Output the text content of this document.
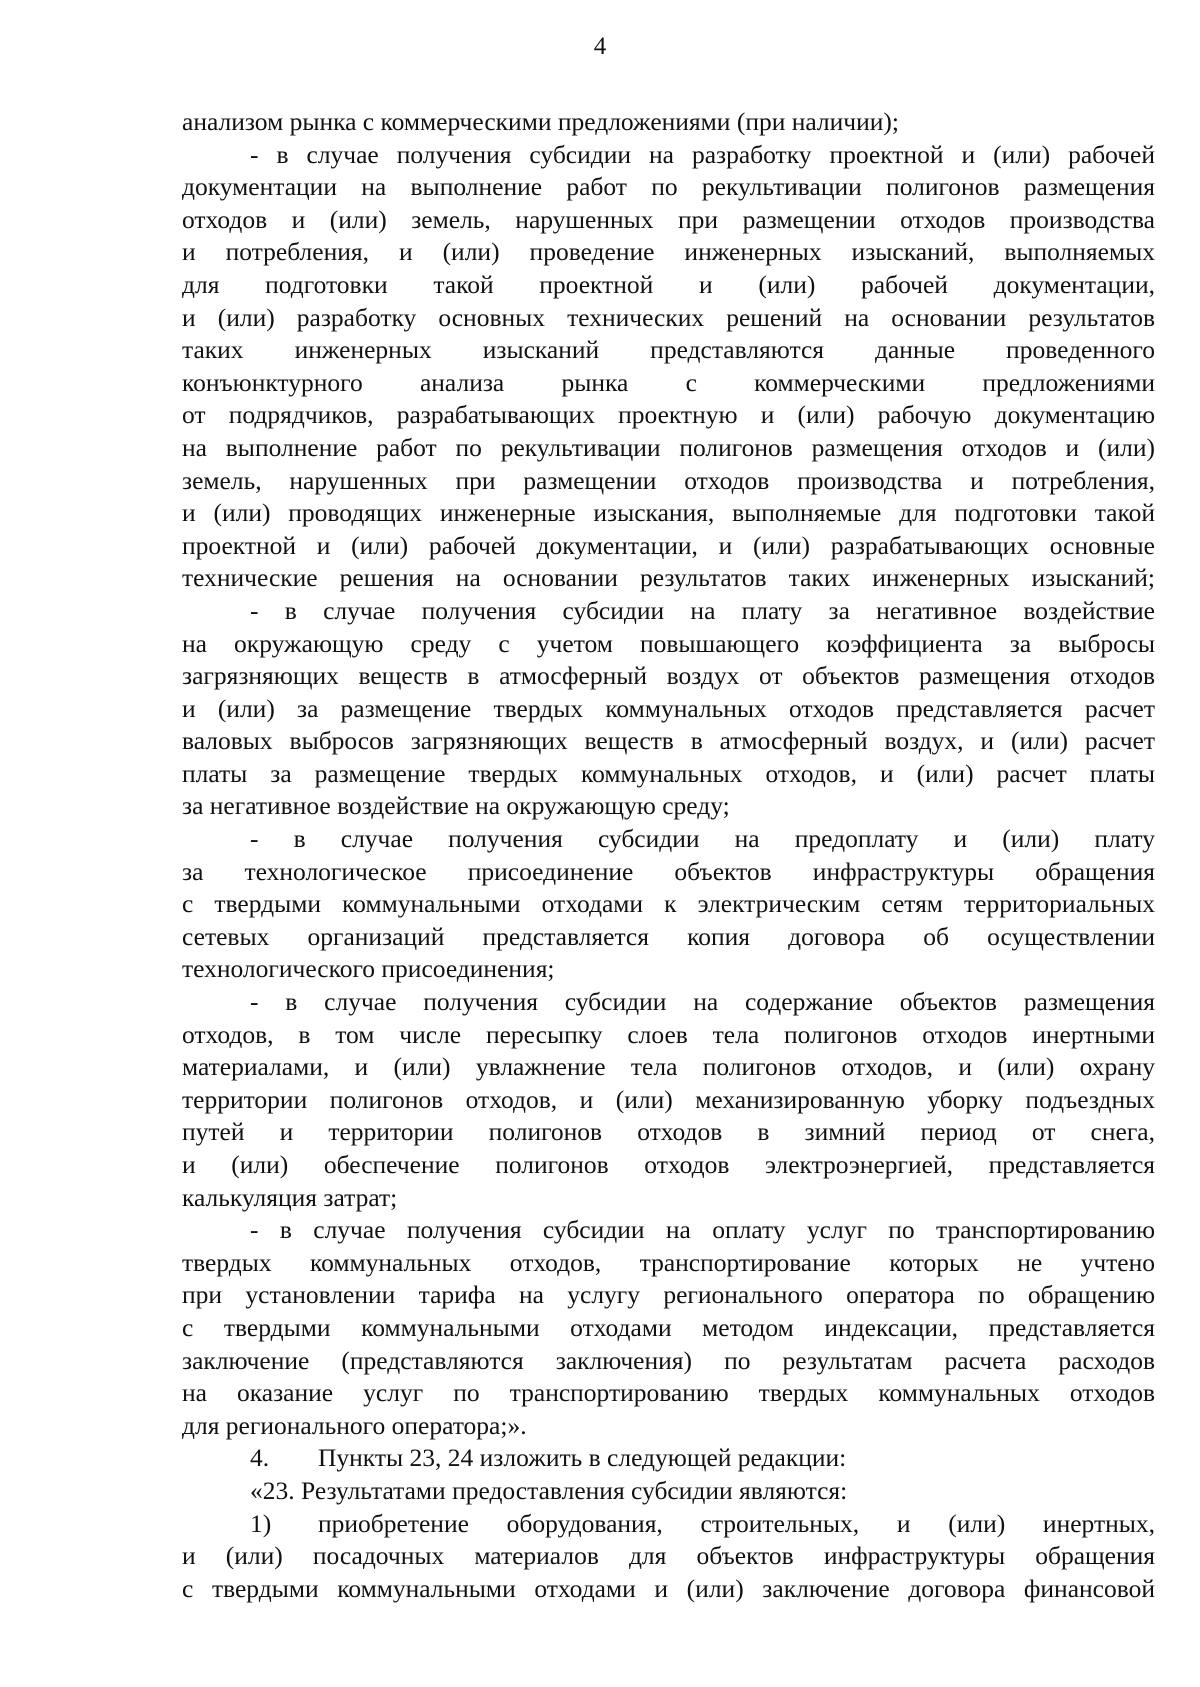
4
анализом рынка с коммерческими предложениями (при наличии);
- в случае получения субсидии на разработку проектной и (или) рабочей
документации на выполнение работ по рекультивации полигонов размещения
отходов и (или) земель, нарушенных при размещении отходов производства
и потребления, и (или) проведение инженерных изысканий, выполняемых
для подготовки такой проектной и (или) рабочей документации,
и (или) разработку основных технических решений на основании результатов
таких инженерных изысканий представляются данные проведенного
конъюнктурного анализа рынка с коммерческими предложениями
от подрядчиков, разрабатывающих проектную и (или) рабочую документацию
на выполнение работ по рекультивации полигонов размещения отходов и (или)
земель, нарушенных при размещении отходов производства и потребления,
и (или) проводящих инженерные изыскания, выполняемые для подготовки такой
проектной и (или) рабочей документации, и (или) разрабатывающих основные
технические решения на основании результатов таких инженерных изысканий;
- в случае получения субсидии на плату за негативное воздействие
на окружающую среду с учетом повышающего коэффициента за выбросы
загрязняющих веществ в атмосферный воздух от объектов размещения отходов
и (или) за размещение твердых коммунальных отходов представляется расчет
валовых выбросов загрязняющих веществ в атмосферный воздух, и (или) расчет
платы за размещение твердых коммунальных отходов, и (или) расчет платы
за негативное воздействие на окружающую среду;
- в случае получения субсидии на предоплату и (или) плату
за технологическое присоединение объектов инфраструктуры обращения
с твердыми коммунальными отходами к электрическим сетям территориальных
сетевых организаций представляется копия договора об осуществлении
технологического присоединения;
- в случае получения субсидии на содержание объектов размещения
отходов, в том числе пересыпку слоев тела полигонов отходов инертными
материалами, и (или) увлажнение тела полигонов отходов, и (или) охрану
территории полигонов отходов, и (или) механизированную уборку подъездных
путей и территории полигонов отходов в зимний период от снега,
и (или) обеспечение полигонов отходов электроэнергией, представляется
калькуляция затрат;
- в случае получения субсидии на оплату услуг по транспортированию
твердых коммунальных отходов, транспортирование которых не учтено
при установлении тарифа на услугу регионального оператора по обращению
с твердыми коммунальными отходами методом индексации, представляется
заключение (представляются заключения) по результатам расчета расходов
на оказание услуг по транспортированию твердых коммунальных отходов
для регионального оператора;».
4. Пункты 23, 24 изложить в следующей редакции:
«23. Результатами предоставления субсидии являются:
1) приобретение оборудования, строительных, и (или) инертных,
и (или) посадочных материалов для объектов инфраструктуры обращения
с твердыми коммунальными отходами и (или) заключение договора финансовой
